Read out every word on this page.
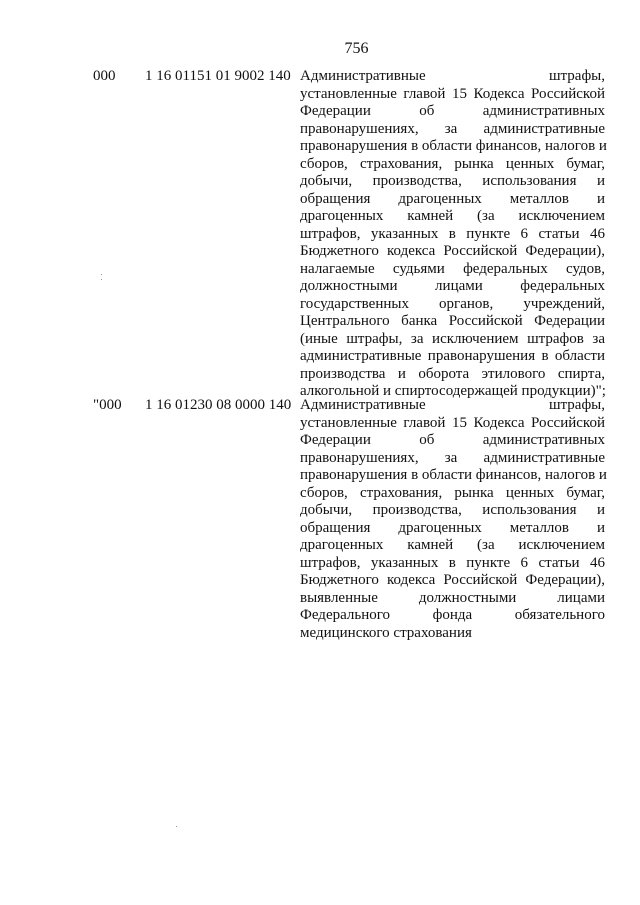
756
000 1 16 01151 01 9002 140 Административные штрафы,
установленные главой 15 Кодекса Российской
Федерации об административных
правонарушениях, за административные
правонарушения в области финансов, налогов и
сборов, страхования, рынка ценных бумаг,
добычи, производства, использования и
обращения драгоценных металлов и
драгоценных камней (за исключением
штрафов, указанных в пункте 6 статьи 46
Бюджетного кодекса Российской Федерации),
налагаемые судьями федеральных судов,
должностными лицами федеральных
государственных органов, учреждений,
Центрального банка Российской Федерации
(иные штрафы, за исключением штрафов за
административные правонарушения в области
производства и оборота этилового спирта,
алкогольной и спиртосодержащей продукции)";
"000 1 16 01230 08 0000 140 Административные штрафы,
установленные главой 15 Кодекса Российской
Федерации об административных
правонарушениях, за административные
правонарушения в области финансов, налогов и
сборов, страхования, рынка ценных бумаг,
добычи, производства, использования и
обращения драгоценных металлов и
драгоценных камней (за исключением
штрафов, указанных в пункте 6 статьи 46
Бюджетного кодекса Российской Федерации),
выявленные должностными лицами
Федерального фонда обязательного
медицинского страхования
